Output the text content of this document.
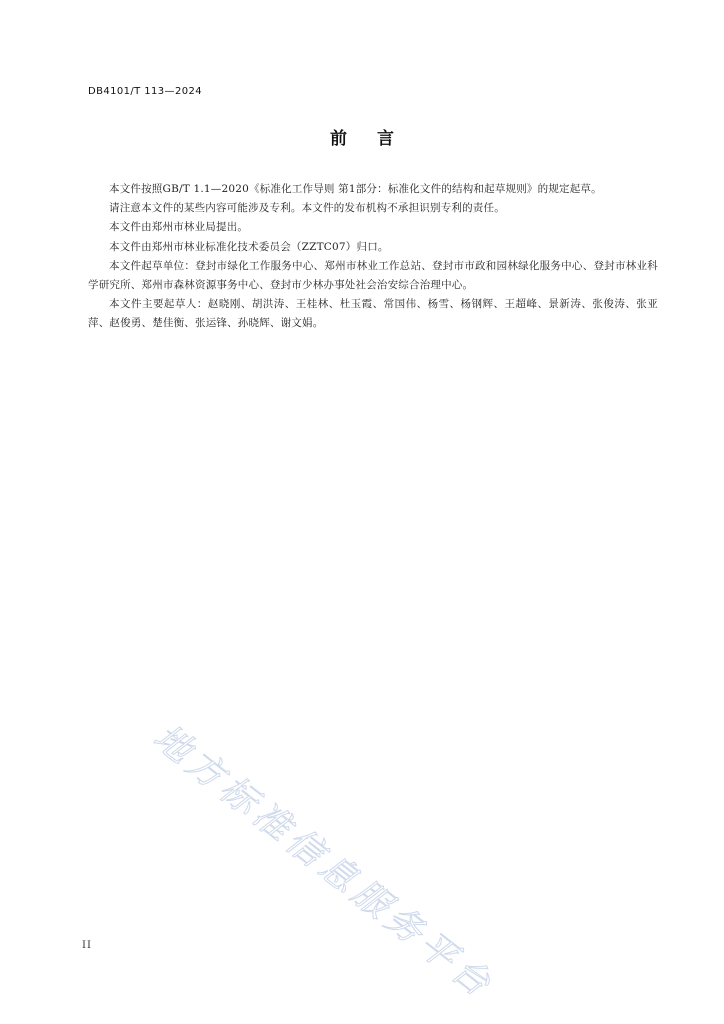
DB4101/T 113—2024
前言

本文件按照GB/T 1.1—2020《标准化工作导则 第1部分：标准化文件的结构和起草规则》的规定起草。

请注意本文件的某些内容可能涉及专利。本文件的发布机构不承担识别专利的责任。

本文件由郑州市林业局提出。

本文件由郑州市林业标准化技术委员会（ZZTC07）归口。

本文件起草单位：登封市绿化工作服务中心、郑州市林业工作总站、登封市市政和园林绿化服务中心、登封市林业科学研究所、郑州市森林资源事务中心、登封市少林办事处社会治安综合治理中心。

本文件主要起草人：赵晓刚、胡洪涛、王桂林、杜玉霞、常国伟、杨雪、杨钢辉、王超峰、景新涛、张俊涛、张亚萍、赵俊勇、楚佳衡、张运锋、孙晓辉、谢文娟。

地方标准信息服务平台
II
